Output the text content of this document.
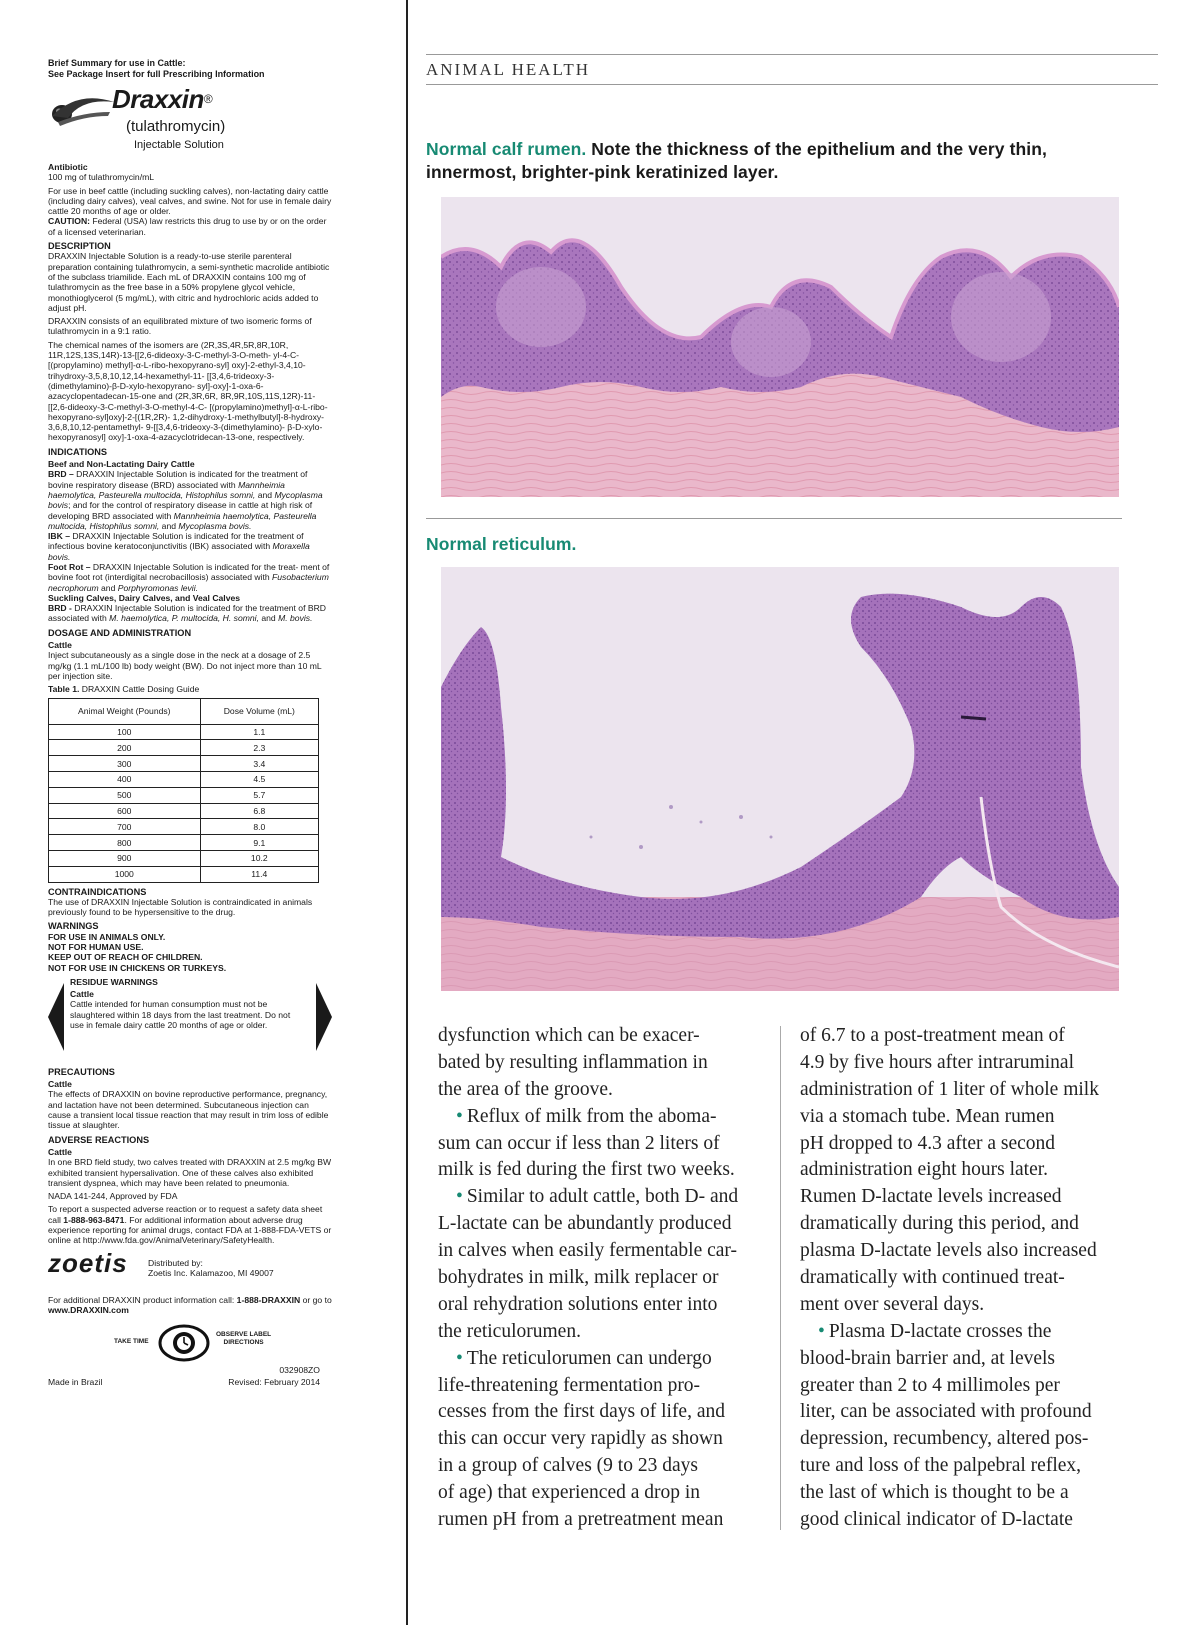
Brief Summary for use in Cattle:
See Package Insert for full Prescribing Information
Draxxin®
(tulathromycin)
Injectable Solution
Antibiotic
100 mg of tulathromycin/mL
For use in beef cattle (including suckling calves), non-lactating dairy cattle (including dairy calves), veal calves, and swine. Not for use in female dairy cattle 20 months of age or older.
CAUTION: Federal (USA) law restricts this drug to use by or on the order of a licensed veterinarian.
DESCRIPTION
DRAXXIN Injectable Solution is a ready-to-use sterile parenteral preparation containing tulathromycin, a semi-synthetic macrolide antibiotic of the subclass triamilide. Each mL of DRAXXIN contains 100 mg of tulathromycin as the free base in a 50% propylene glycol vehicle, monothioglycerol (5 mg/mL), with citric and hydrochloric acids added to adjust pH.
DRAXXIN consists of an equilibrated mixture of two isomeric forms of tulathromycin in a 9:1 ratio.
The chemical names of the isomers are (2R,3S,4R,5R,8R,10R, 11R,12S,13S,14R)-13-[[2,6-dideoxy-3-C-methyl-3-O-meth- yl-4-C-[(propylamino) methyl]-α-L-ribo-hexopyrano-syl] oxy]-2-ethyl-3,4,10-trihydroxy-3,5,8,10,12,14-hexamethyl-11- [[3,4,6-trideoxy-3-(dimethylamino)-β-D-xylo-hexopyrano- syl]-oxy]-1-oxa-6-azacyclopentadecan-15-one and (2R,3R,6R, 8R,9R,10S,11S,12R)-11-[[2,6-dideoxy-3-C-methyl-3-O-methyl-4-C- [(propylamino)methyl]-α-L-ribo-hexopyrano-syl]oxy]-2-[(1R,2R)- 1,2-dihydroxy-1-methylbutyl]-8-hydroxy- 3,6,8,10,12-pentamethyl- 9-[[3,4,6-trideoxy-3-(dimethylamino)- β-D-xylo-hexopyranosyl] oxy]-1-oxa-4-azacyclotridecan-13-one, respectively.
INDICATIONS
Beef and Non-Lactating Dairy Cattle
BRD – DRAXXIN Injectable Solution is indicated for the treatment of bovine respiratory disease (BRD) associated with Mannheimia haemolytica, Pasteurella multocida, Histophilus somni, and Mycoplasma bovis; and for the control of respiratory disease in cattle at high risk of developing BRD associated with Mannheimia haemolytica, Pasteurella multocida, Histophilus somni, and Mycoplasma bovis.
IBK – DRAXXIN Injectable Solution is indicated for the treatment of infectious bovine keratoconjunctivitis (IBK) associated with Moraxella bovis.
Foot Rot – DRAXXIN Injectable Solution is indicated for the treat- ment of bovine foot rot (interdigital necrobacillosis) associated with Fusobacterium necrophorum and Porphyromonas levii.
Suckling Calves, Dairy Calves, and Veal Calves
BRD - DRAXXIN Injectable Solution is indicated for the treatment of BRD associated with M. haemolytica, P. multocida, H. somni, and M. bovis.
DOSAGE AND ADMINISTRATION
Cattle
Inject subcutaneously as a single dose in the neck at a dosage of 2.5 mg/kg (1.1 mL/100 lb) body weight (BW). Do not inject more than 10 mL per injection site.
Table 1. DRAXXIN Cattle Dosing Guide
Animal Weight (Pounds)	Dose Volume (mL)
100	1.1
200	2.3
300	3.4
400	4.5
500	5.7
600	6.8
700	8.0
800	9.1
900	10.2
1000	11.4
CONTRAINDICATIONS
The use of DRAXXIN Injectable Solution is contraindicated in animals previously found to be hypersensitive to the drug.
WARNINGS
FOR USE IN ANIMALS ONLY.
NOT FOR HUMAN USE.
KEEP OUT OF REACH OF CHILDREN.
NOT FOR USE IN CHICKENS OR TURKEYS.
RESIDUE WARNINGS
Cattle
Cattle intended for human consumption must not be slaughtered within 18 days from the last treatment. Do not use in female dairy cattle 20 months of age or older.
PRECAUTIONS
Cattle
The effects of DRAXXIN on bovine reproductive performance, pregnancy, and lactation have not been determined. Subcutaneous injection can cause a transient local tissue reaction that may result in trim loss of edible tissue at slaughter.
ADVERSE REACTIONS
Cattle
In one BRD field study, two calves treated with DRAXXIN at 2.5 mg/kg BW exhibited transient hypersalivation. One of these calves also exhibited transient dyspnea, which may have been related to pneumonia.
NADA 141-244, Approved by FDA
To report a suspected adverse reaction or to request a safety data sheet call 1-888-963-8471. For additional information about adverse drug experience reporting for animal drugs, contact FDA at 1-888-FDA-VETS or online at http://www.fda.gov/AnimalVeterinary/SafetyHealth.
zoetis Distributed by:
Zoetis Inc. Kalamazoo, MI 49007
For additional DRAXXIN product information call: 1-888-DRAXXIN or go to www.DRAXXIN.com
TAKE TIME
OBSERVE LABEL
DIRECTIONS
032908ZO
Made in Brazil	Revised: February 2014
ANIMAL HEALTH
Normal calf rumen. Note the thickness of the epithelium and the very thin, innermost, brighter-pink keratinized layer.
Normal reticulum.
dysfunction which can be exacer-
bated by resulting inflammation in
the area of the groove.
• Reflux of milk from the aboma-
sum can occur if less than 2 liters of
milk is fed during the first two weeks.
• Similar to adult cattle, both D- and
L-lactate can be abundantly produced
in calves when easily fermentable car-
bohydrates in milk, milk replacer or
oral rehydration solutions enter into
the reticulorumen.
• The reticulorumen can undergo
life-threatening fermentation pro-
cesses from the first days of life, and
this can occur very rapidly as shown
in a group of calves (9 to 23 days
of age) that experienced a drop in
rumen pH from a pretreatment mean
of 6.7 to a post-treatment mean of
4.9 by five hours after intraruminal
administration of 1 liter of whole milk
via a stomach tube. Mean rumen
pH dropped to 4.3 after a second
administration eight hours later.
Rumen D-lactate levels increased
dramatically during this period, and
plasma D-lactate levels also increased
dramatically with continued treat-
ment over several days.
• Plasma D-lactate crosses the
blood-brain barrier and, at levels
greater than 2 to 4 millimoles per
liter, can be associated with profound
depression, recumbency, altered pos-
ture and loss of the palpebral reflex,
the last of which is thought to be a
good clinical indicator of D-lactate
